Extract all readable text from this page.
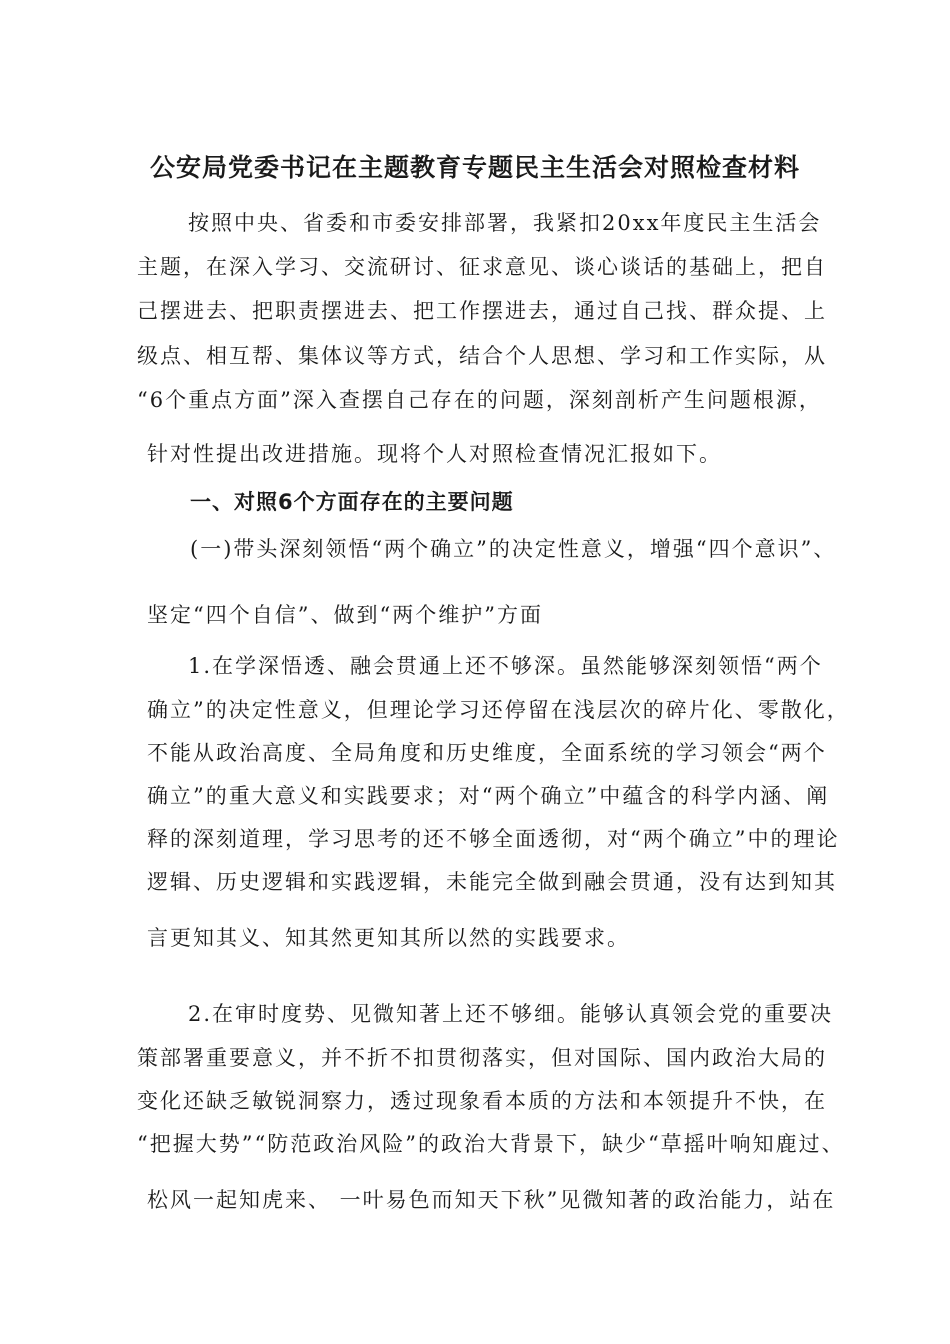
公安局党委书记在主题教育专题民主生活会对照检查材料
按照中央、省委和市委安排部署，我紧扣20xx年度民主生活会
主题，在深入学习、交流研讨、征求意见、谈心谈话的基础上，把自
己摆进去、把职责摆进去、把工作摆进去，通过自己找、群众提、上
级点、相互帮、集体议等方式，结合个人思想、学习和工作实际，从
“6个重点方面”深入查摆自己存在的问题，深刻剖析产生问题根源，
针对性提出改进措施。现将个人对照检查情况汇报如下。
一、对照6个方面存在的主要问题
(一)带头深刻领悟“两个确立”的决定性意义，增强“四个意识”、
坚定“四个自信”、做到“两个维护”方面
1.在学深悟透、融会贯通上还不够深。虽然能够深刻领悟“两个
确立”的决定性意义，但理论学习还停留在浅层次的碎片化、零散化，
不能从政治高度、全局角度和历史维度，全面系统的学习领会“两个
确立”的重大意义和实践要求；对“两个确立”中蕴含的科学内涵、阐
释的深刻道理，学习思考的还不够全面透彻，对“两个确立”中的理论
逻辑、历史逻辑和实践逻辑，未能完全做到融会贯通，没有达到知其
言更知其义、知其然更知其所以然的实践要求。
2.在审时度势、见微知著上还不够细。能够认真领会党的重要决
策部署重要意义，并不折不扣贯彻落实，但对国际、国内政治大局的
变化还缺乏敏锐洞察力，透过现象看本质的方法和本领提升不快，在
“把握大势”“防范政治风险”的政治大背景下，缺少“草摇叶响知鹿过、
松风一起知虎来、 一叶易色而知天下秋”见微知著的政治能力，站在
